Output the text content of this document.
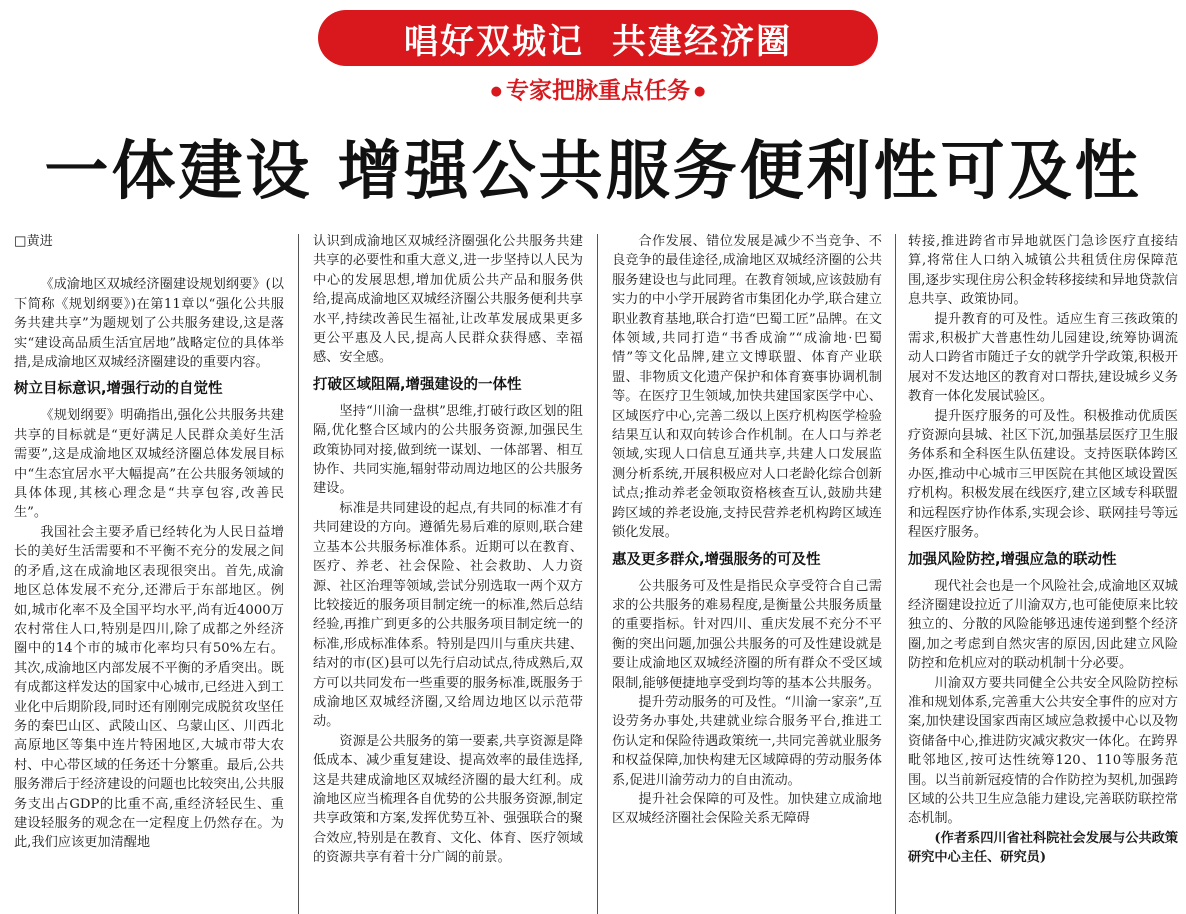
唱好双城记 共建经济圈
● 专家把脉重点任务 ●
一体建设 增强公共服务便利性可及性

□黄进

《成渝地区双城经济圈建设规划纲要》(以下简称《规划纲要》)在第11章以“强化公共服务共建共享”为题规划了公共服务建设,这是落实“建设高品质生活宜居地”战略定位的具体举措,是成渝地区双城经济圈建设的重要内容。

树立目标意识,增强行动的自觉性

《规划纲要》明确指出,强化公共服务共建共享的目标就是“更好满足人民群众美好生活需要”,这是成渝地区双城经济圈总体发展目标中“生态宜居水平大幅提高”在公共服务领域的具体体现,其核心理念是“共享包容,改善民生”。

我国社会主要矛盾已经转化为人民日益增长的美好生活需要和不平衡不充分的发展之间的矛盾,这在成渝地区表现很突出。首先,成渝地区总体发展不充分,还滞后于东部地区。例如,城市化率不及全国平均水平,尚有近4000万农村常住人口,特别是四川,除了成都之外经济圈中的14个市的城市化率均只有50%左右。其次,成渝地区内部发展不平衡的矛盾突出。既有成都这样发达的国家中心城市,已经进入到工业化中后期阶段,同时还有刚刚完成脱贫攻坚任务的秦巴山区、武陵山区、乌蒙山区、川西北高原地区等集中连片特困地区,大城市带大农村、中心带区域的任务还十分繁重。最后,公共服务滞后于经济建设的问题也比较突出,公共服务支出占GDP的比重不高,重经济轻民生、重建设轻服务的观念在一定程度上仍然存在。为此,我们应该更加清醒地

认识到成渝地区双城经济圈强化公共服务共建共享的必要性和重大意义,进一步坚持以人民为中心的发展思想,增加优质公共产品和服务供给,提高成渝地区双城经济圈公共服务便利共享水平,持续改善民生福祉,让改革发展成果更多更公平惠及人民,提高人民群众获得感、幸福感、安全感。

打破区域阻隔,增强建设的一体性

坚持“川渝一盘棋”思维,打破行政区划的阻隔,优化整合区域内的公共服务资源,加强民生政策协同对接,做到统一谋划、一体部署、相互协作、共同实施,辐射带动周边地区的公共服务建设。

标准是共同建设的起点,有共同的标准才有共同建设的方向。遵循先易后难的原则,联合建立基本公共服务标准体系。近期可以在教育、医疗、养老、社会保险、社会救助、人力资源、社区治理等领域,尝试分别选取一两个双方比较接近的服务项目制定统一的标准,然后总结经验,再推广到更多的公共服务项目制定统一的标准,形成标准体系。特别是四川与重庆共建、结对的市(区)县可以先行启动试点,待成熟后,双方可以共同发布一些重要的服务标准,既服务于成渝地区双城经济圈,又给周边地区以示范带动。

资源是公共服务的第一要素,共享资源是降低成本、减少重复建设、提高效率的最佳选择,这是共建成渝地区双城经济圈的最大红利。成渝地区应当梳理各自优势的公共服务资源,制定共享政策和方案,发挥优势互补、强强联合的聚合效应,特别是在教育、文化、体育、医疗领域的资源共享有着十分广阔的前景。

合作发展、错位发展是减少不当竞争、不良竞争的最佳途径,成渝地区双城经济圈的公共服务建设也与此同理。在教育领域,应该鼓励有实力的中小学开展跨省市集团化办学,联合建立职业教育基地,联合打造“巴蜀工匠”品牌。在文体领域,共同打造“书香成渝”“成渝地·巴蜀情”等文化品牌,建立文博联盟、体育产业联盟、非物质文化遗产保护和体育赛事协调机制等。在医疗卫生领域,加快共建国家医学中心、区域医疗中心,完善二级以上医疗机构医学检验结果互认和双向转诊合作机制。在人口与养老领域,实现人口信息互通共享,共建人口发展监测分析系统,开展积极应对人口老龄化综合创新试点;推动养老金领取资格核查互认,鼓励共建跨区域的养老设施,支持民营养老机构跨区域连锁化发展。

惠及更多群众,增强服务的可及性

公共服务可及性是指民众享受符合自己需求的公共服务的难易程度,是衡量公共服务质量的重要指标。针对四川、重庆发展不充分不平衡的突出问题,加强公共服务的可及性建设就是要让成渝地区双城经济圈的所有群众不受区域限制,能够便捷地享受到均等的基本公共服务。

提升劳动服务的可及性。“川渝一家亲”,互设劳务办事处,共建就业综合服务平台,推进工伤认定和保险待遇政策统一,共同完善就业服务和权益保障,加快构建无区域障碍的劳动服务体系,促进川渝劳动力的自由流动。

提升社会保障的可及性。加快建立成渝地区双城经济圈社会保险关系无障碍

转接,推进跨省市异地就医门急诊医疗直接结算,将常住人口纳入城镇公共租赁住房保障范围,逐步实现住房公积金转移接续和异地贷款信息共享、政策协同。

提升教育的可及性。适应生育三孩政策的需求,积极扩大普惠性幼儿园建设,统筹协调流动人口跨省市随迁子女的就学升学政策,积极开展对不发达地区的教育对口帮扶,建设城乡义务教育一体化发展试验区。

提升医疗服务的可及性。积极推动优质医疗资源向县城、社区下沉,加强基层医疗卫生服务体系和全科医生队伍建设。支持医联体跨区办医,推动中心城市三甲医院在其他区域设置医疗机构。积极发展在线医疗,建立区域专科联盟和远程医疗协作体系,实现会诊、联网挂号等远程医疗服务。

加强风险防控,增强应急的联动性

现代社会也是一个风险社会,成渝地区双城经济圈建设拉近了川渝双方,也可能使原来比较独立的、分散的风险能够迅速传递到整个经济圈,加之考虑到自然灾害的原因,因此建立风险防控和危机应对的联动机制十分必要。

川渝双方要共同健全公共安全风险防控标准和规划体系,完善重大公共安全事件的应对方案,加快建设国家西南区域应急救援中心以及物资储备中心,推进防灾减灾救灾一体化。在跨界毗邻地区,按可达性统筹120、110等服务范围。以当前新冠疫情的合作防控为契机,加强跨区域的公共卫生应急能力建设,完善联防联控常态机制。

(作者系四川省社科院社会发展与公共政策研究中心主任、研究员)
